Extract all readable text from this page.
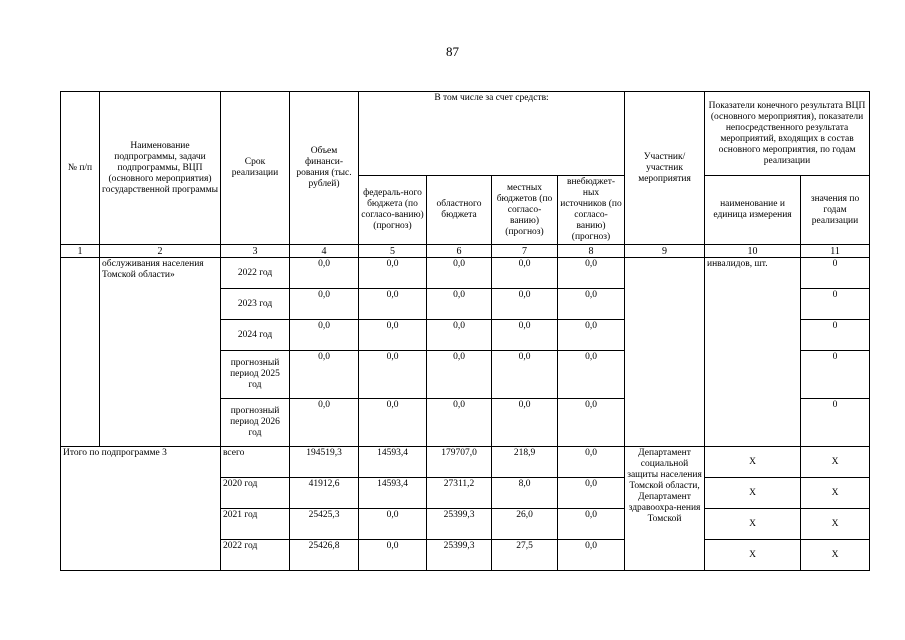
87
№ п/п	Наименование подпрограммы, задачи подпрограммы, ВЦП (основного мероприятия) государственной программы	Срок реализации	Объем финанси-рования (тыс. рублей)	В том числе за счет средств:				Участник/ участник мероприятия	Показатели конечного результата ВЦП (основного мероприятия), показатели непосредственного результата мероприятий, входящих в состав основного мероприятия, по годам реализации	
				федераль-ного бюджета (по согласо-ванию) (прогноз)	областного бюджета	местных бюджетов (по согласо-ванию) (прогноз)	внебюджет-ных источников (по согласо-ванию) (прогноз)		наименование и единица измерения	значения по годам реализации
1	2	3	4	5	6	7	8	9	10	11
	обслуживания населения Томской области»	2022 год	0,0	0,0	0,0	0,0	0,0		инвалидов, шт.	0
		2023 год	0,0	0,0	0,0	0,0	0,0			0
		2024 год	0,0	0,0	0,0	0,0	0,0			0
		прогнозный период 2025 год	0,0	0,0	0,0	0,0	0,0			0
		прогнозный период 2026 год	0,0	0,0	0,0	0,0	0,0			0
Итого по подпрограмме 3		всего	194519,3	14593,4	179707,0	218,9	0,0	Департамент социальной защиты населения Томской области, Департамент здравоохра-нения Томской	X	X
		2020 год	41912,6	14593,4	27311,2	8,0	0,0		X	X
		2021 год	25425,3	0,0	25399,3	26,0	0,0		X	X
		2022 год	25426,8	0,0	25399,3	27,5	0,0		X	X
